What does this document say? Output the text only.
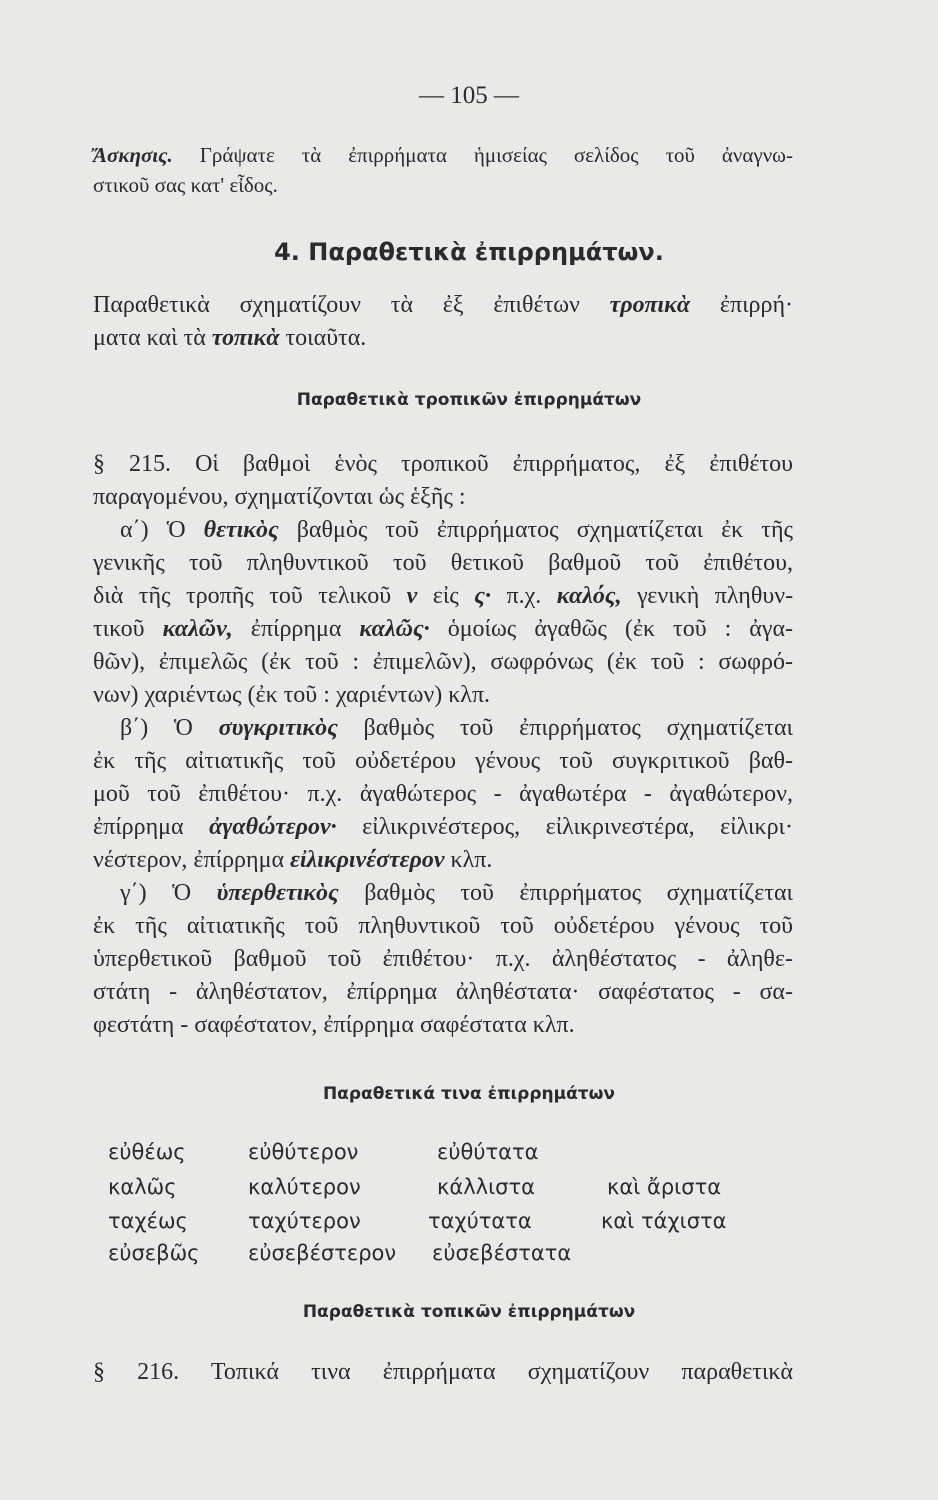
— 105 —
Ἄσκησις. Γράψατε τὰ ἐπιρρήματα ἡμισείας σελίδος τοῦ ἀναγνω-
στικοῦ σας κατ' εἶδος.
4. Παραθετικὰ ἐπιρρημάτων.
Παραθετικὰ σχηματίζουν τὰ ἐξ ἐπιθέτων τροπικὰ ἐπιρρή·
ματα καὶ τὰ τοπικὰ τοιαῦτα.
Παραθετικὰ τροπικῶν ἐπιρρημάτων
§ 215. Οἱ βαθμοὶ ἑνὸς τροπικοῦ ἐπιρρήματος, ἐξ ἐπιθέτου
παραγομένου, σχηματίζονται ὡς ἑξῆς :
α΄) Ὁ θετικὸς βαθμὸς τοῦ ἐπιρρήματος σχηματίζεται ἐκ τῆς
γενικῆς τοῦ πληθυντικοῦ τοῦ θετικοῦ βαθμοῦ τοῦ ἐπιθέτου,
διὰ τῆς τροπῆς τοῦ τελικοῦ ν εἰς ς· π.χ. καλός, γενικὴ πληθυν-
τικοῦ καλῶν, ἐπίρρημα καλῶς· ὁμοίως ἀγαθῶς (ἐκ τοῦ : ἀγα-
θῶν), ἐπιμελῶς (ἐκ τοῦ : ἐπιμελῶν), σωφρόνως (ἐκ τοῦ : σωφρό-
νων) χαριέντως (ἐκ τοῦ : χαριέντων) κλπ.
β΄) Ὁ συγκριτικὸς βαθμὸς τοῦ ἐπιρρήματος σχηματίζεται
ἐκ τῆς αἰτιατικῆς τοῦ οὐδετέρου γένους τοῦ συγκριτικοῦ βαθ-
μοῦ τοῦ ἐπιθέτου· π.χ. ἀγαθώτερος - ἀγαθωτέρα - ἀγαθώτερον,
ἐπίρρημα ἀγαθώτερον· εἰλικρινέστερος, εἰλικρινεστέρα, εἰλικρι·
νέστερον, ἐπίρρημα εἰλικρινέστερον κλπ.
γ΄) Ὁ ὑπερθετικὸς βαθμὸς τοῦ ἐπιρρήματος σχηματίζεται
ἐκ τῆς αἰτιατικῆς τοῦ πληθυντικοῦ τοῦ οὐδετέρου γένους τοῦ
ὑπερθετικοῦ βαθμοῦ τοῦ ἐπιθέτου· π.χ. ἀληθέστατος - ἀληθε-
στάτη - ἀληθέστατον, ἐπίρρημα ἀληθέστατα· σαφέστατος - σα-
φεστάτη - σαφέστατον, ἐπίρρημα σαφέστατα κλπ.
Παραθετικά τινα ἐπιρρημάτων
εὐθέως	εὐθύτερον	εὐθύτατα
καλῶς	καλύτερον	κάλλιστα	καὶ ἄριστα
ταχέως	ταχύτερον	ταχύτατα	καὶ τάχιστα
εὐσεβῶς εὐσεβέστερον εὐσεβέστατα
Παραθετικὰ τοπικῶν ἐπιρρημάτων
§ 216. Τοπικά τινα ἐπιρρήματα σχηματίζουν παραθετικὰ
